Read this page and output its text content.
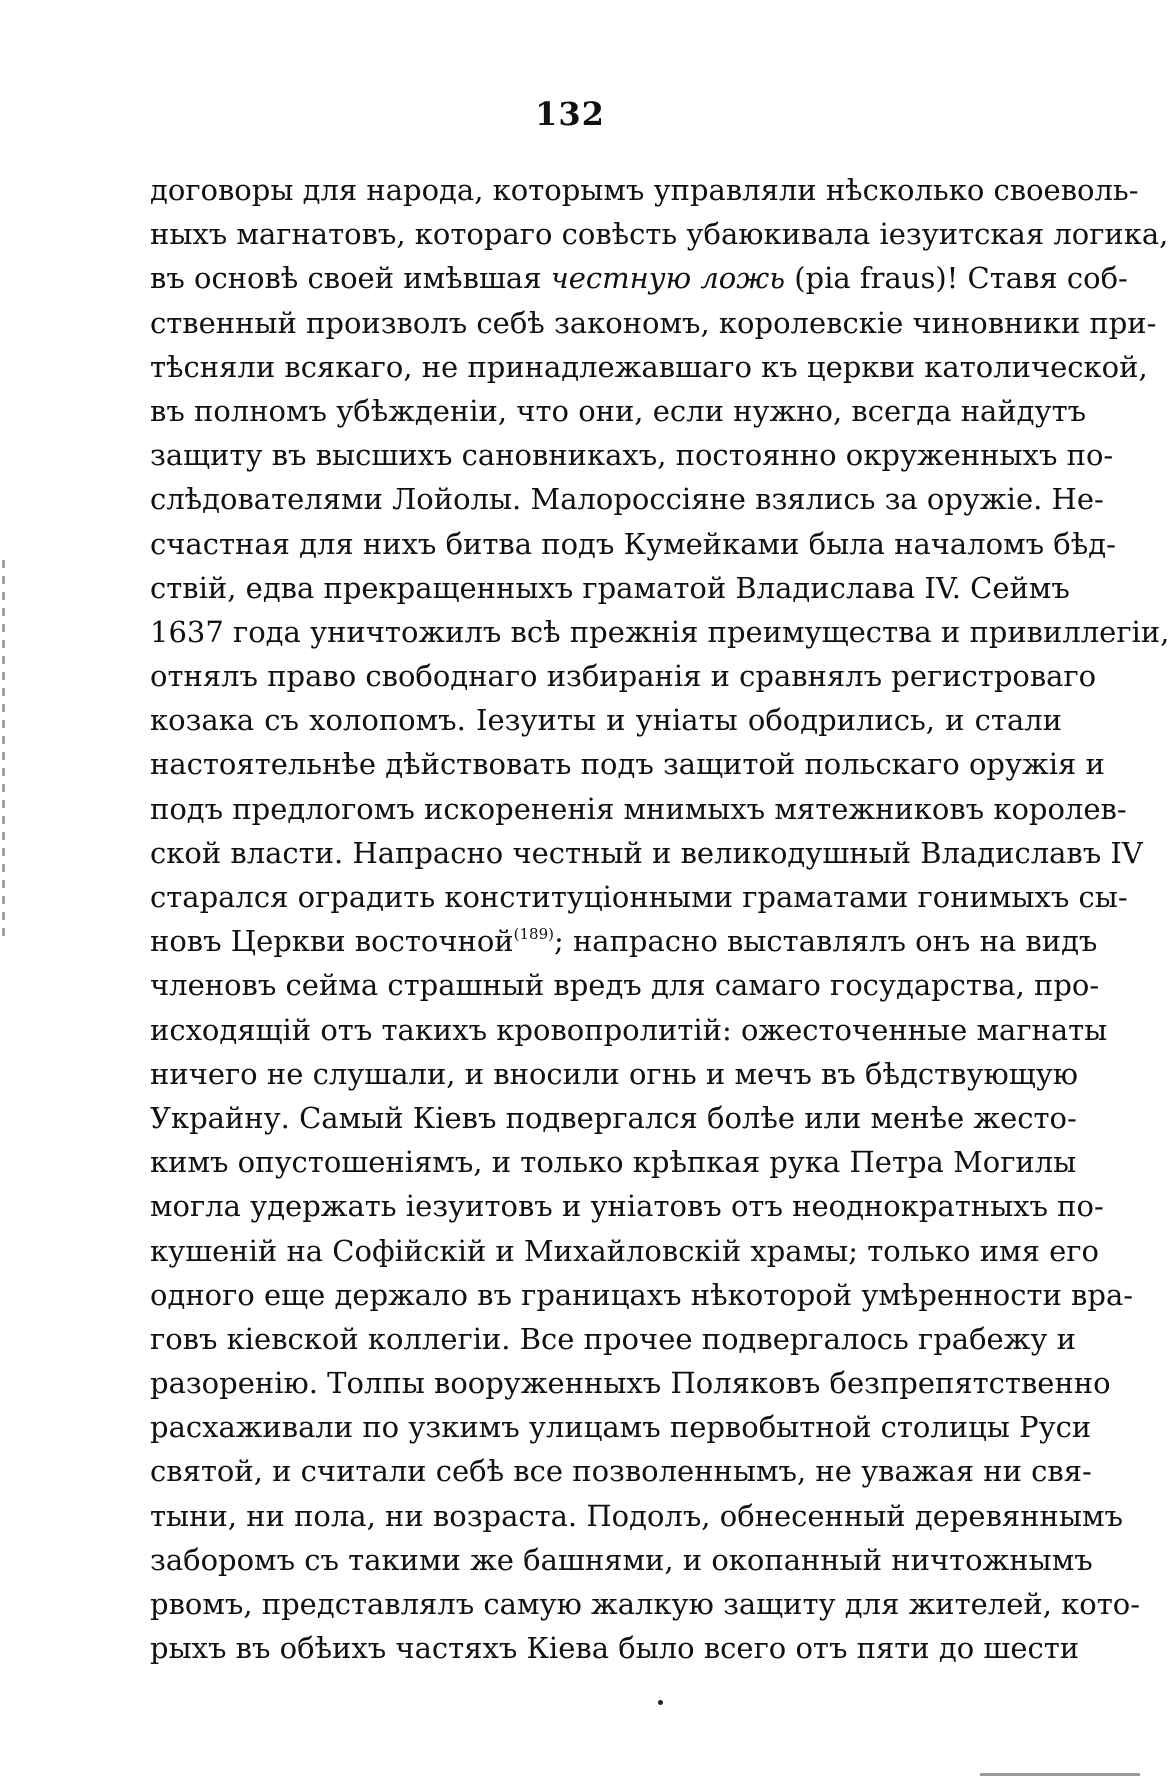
132
договоры для народа, которымъ управляли нѣсколько своеволь-
ныхъ магнатовъ, котораго совѣсть убаюкивала iезуитская логика,
въ основѣ своей имѣвшая честную ложь (pia fraus)! Ставя соб-
ственный произволъ себѣ закономъ, королевскiе чиновники при-
тѣсняли всякаго, не принадлежавшаго къ церкви католической,
въ полномъ убѣжденiи, что они, если нужно, всегда найдутъ
защиту въ высшихъ сановникахъ, постоянно окруженныхъ по-
слѣдователями Лойолы. Малороссiяне взялись за оружiе. Не-
счастная для нихъ битва подъ Кумейками была началомъ бѣд-
ствiй, едва прекращенныхъ граматой Владислава IV. Сеймъ
1637 года уничтожилъ всѣ прежнiя преимущества и привиллегiи,
отнялъ право свободнаго избиранiя и сравнялъ регистроваго
козака съ холопомъ. Iезуиты и унiаты ободрились, и стали
настоятельнѣе дѣйствовать подъ защитой польскаго оружiя и
подъ предлогомъ искорененiя мнимыхъ мятежниковъ королев-
ской власти. Напрасно честный и великодушный Владиславъ IV
старался оградить конституцiонными граматами гонимыхъ сы-
новъ Церкви восточной$^{(189)}$; напрасно выставлялъ онъ на видъ
членовъ сейма страшный вредъ для самаго государства, про-
исходящiй отъ такихъ кровопролитiй: ожесточенные магнаты
ничего не слушали, и вносили огнь и мечъ въ бѣдствующую
Украйну. Самый Кiевъ подвергался болѣе или менѣе жесто-
кимъ опустошенiямъ, и только крѣпкая рука Петра Могилы
могла удержать iезуитовъ и унiатовъ отъ неоднократныхъ по-
кушенiй на Софiйскiй и Михайловскiй храмы; только имя его
одного еще держало въ границахъ нѣкоторой умѣренности вра-
говъ кiевской коллегiи. Все прочее подвергалось грабежу и
разоренiю. Толпы вооруженныхъ Поляковъ безпрепятственно
расхаживали по узкимъ улицамъ первобытной столицы Руси
святой, и считали себѣ все позволеннымъ, не уважая ни свя-
тыни, ни пола, ни возраста. Подолъ, обнесенный деревяннымъ
заборомъ съ такими же башнями, и окопанный ничтожнымъ
рвомъ, представлялъ самую жалкую защиту для жителей, кото-
рыхъ въ обѣихъ частяхъ Кiева было всего отъ пяти до шести
